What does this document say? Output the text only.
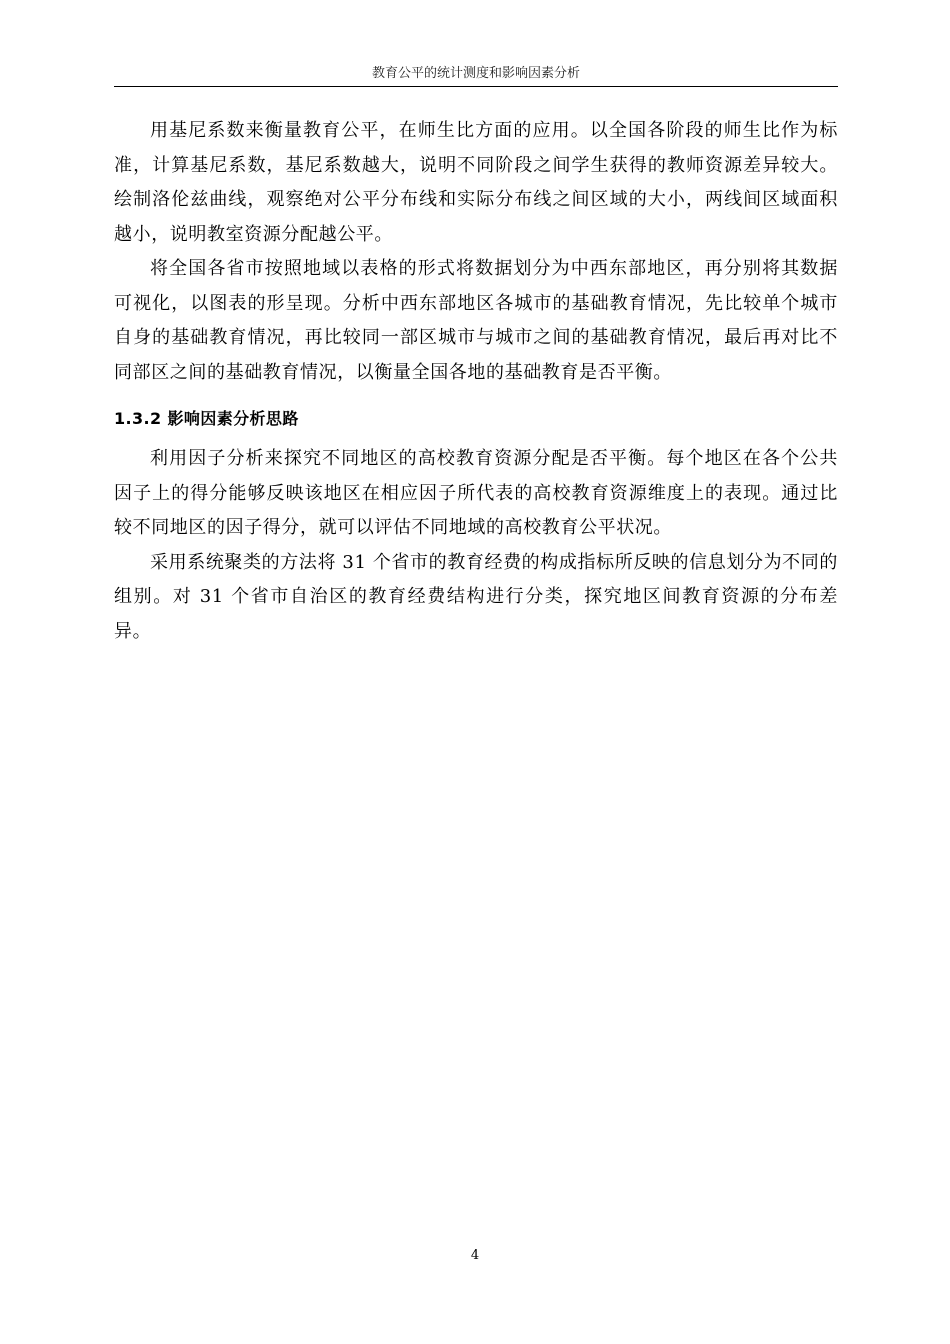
教育公平的统计测度和影响因素分析

用基尼系数来衡量教育公平，在师生比方面的应用。以全国各阶段的师生比作为标准，计算基尼系数，基尼系数越大，说明不同阶段之间学生获得的教师资源差异较大。绘制洛伦兹曲线，观察绝对公平分布线和实际分布线之间区域的大小，两线间区域面积越小，说明教室资源分配越公平。

将全国各省市按照地域以表格的形式将数据划分为中西东部地区，再分别将其数据可视化，以图表的形呈现。分析中西东部地区各城市的基础教育情况，先比较单个城市自身的基础教育情况，再比较同一部区城市与城市之间的基础教育情况，最后再对比不同部区之间的基础教育情况，以衡量全国各地的基础教育是否平衡。

1.3.2 影响因素分析思路

利用因子分析来探究不同地区的高校教育资源分配是否平衡。每个地区在各个公共因子上的得分能够反映该地区在相应因子所代表的高校教育资源维度上的表现。通过比较不同地区的因子得分，就可以评估不同地域的高校教育公平状况。

采用系统聚类的方法将 31 个省市的教育经费的构成指标所反映的信息划分为不同的组别。对 31 个省市自治区的教育经费结构进行分类，探究地区间教育资源的分布差异。

4
